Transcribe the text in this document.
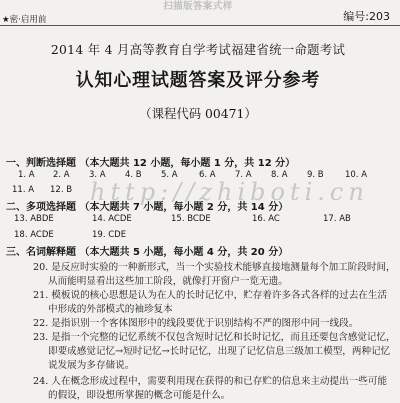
扫描版答案式样
★密·启用前	编号:203
2014 年 4 月高等教育自学考试福建省统一命题考试
认知心理试题答案及评分参考
（课程代码 00471）
http://zhiboti.cn
一、判断选择题 （本大题共 12 小题，每小题 1 分，共 12 分）
1. A 2. A 3. A 4. B 5. A	6. A 7. A 8. A 9. B	10. A
11. A 12. B
二、多项选择题 （本大题共 7 小题，每小题 2 分，共 14 分）
13. ABDE	14. ACDE	15. BCDE	16. AC	17. AB
18. ACDE	19. CDE
三、名词解释题 （本大题共 5 小题，每小题 4 分，共 20 分）
20. 是反应时实验的一种新形式，当一个实验技术能够直接地测量每个加工阶段时间，
从而能明显看出这些加工阶段，就像打开窗户一览无遗。
21. 模板说的核心思想是认为在人的长时记忆中，贮存着许多各式各样的过去在生活
中形成的外部模式的袖珍复本
22. 是指识别一个客体图形中的线段要优于识别结构不严的图形中同一线段。
23. 是指一个完整的记忆系统不仅包含短时记忆和长时记忆，而且还要包含感觉记忆，
即要成感觉记忆→短时记忆→长时记忆，出现了记忆信息三级加工模型，两种记忆
说发展为多存储说。
24. 人在概念形成过程中，需要利用现在获得的和已存贮的信息来主动提出一些可能
的假设，即设想所掌握的概念可能是什么。
